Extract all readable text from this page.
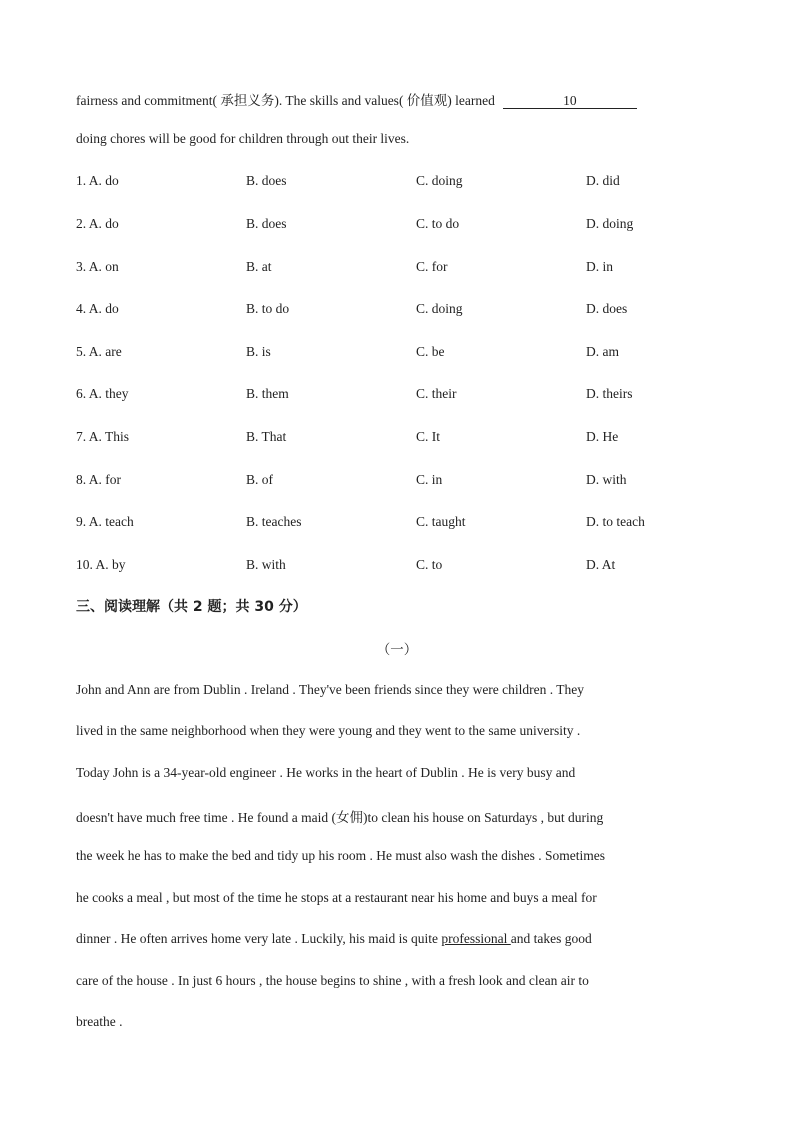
fairness and commitment( 承担义务). The skills and values( 价值观) learned	10
doing chores will be good for children through out their lives.
1. A. do	B. does	C. doing	D. did
2. A. do	B. does	C. to do	D. doing
3. A. on	B. at	C. for	D. in
4. A. do	B. to do	C. doing	D. does
5. A. are	B. is	C. be	D. am
6. A. they	B. them	C. their	D. theirs
7. A. This	B. That	C. It	D. He
8. A. for	B. of	C. in	D. with
9. A. teach	B. teaches	C. taught	D. to teach
10. A. by	B. with	C. to	D. At
三、阅读理解（共 2 题；共 30 分）
（一）
John and Ann are from Dublin . Ireland . They've been friends since they were children . They
lived in the same neighborhood when they were young and they went to the same university .
Today John is a 34-year-old engineer . He works in the heart of Dublin . He is very busy and
doesn't have much free time . He found a maid (女佣)to clean his house on Saturdays , but during
the week he has to make the bed and tidy up his room . He must also wash the dishes . Sometimes
he cooks a meal , but most of the time he stops at a restaurant near his home and buys a meal for
dinner . He often arrives home very late . Luckily, his maid is quite professional and takes good
care of the house . In just 6 hours , the house begins to shine , with a fresh look and clean air to
breathe .
